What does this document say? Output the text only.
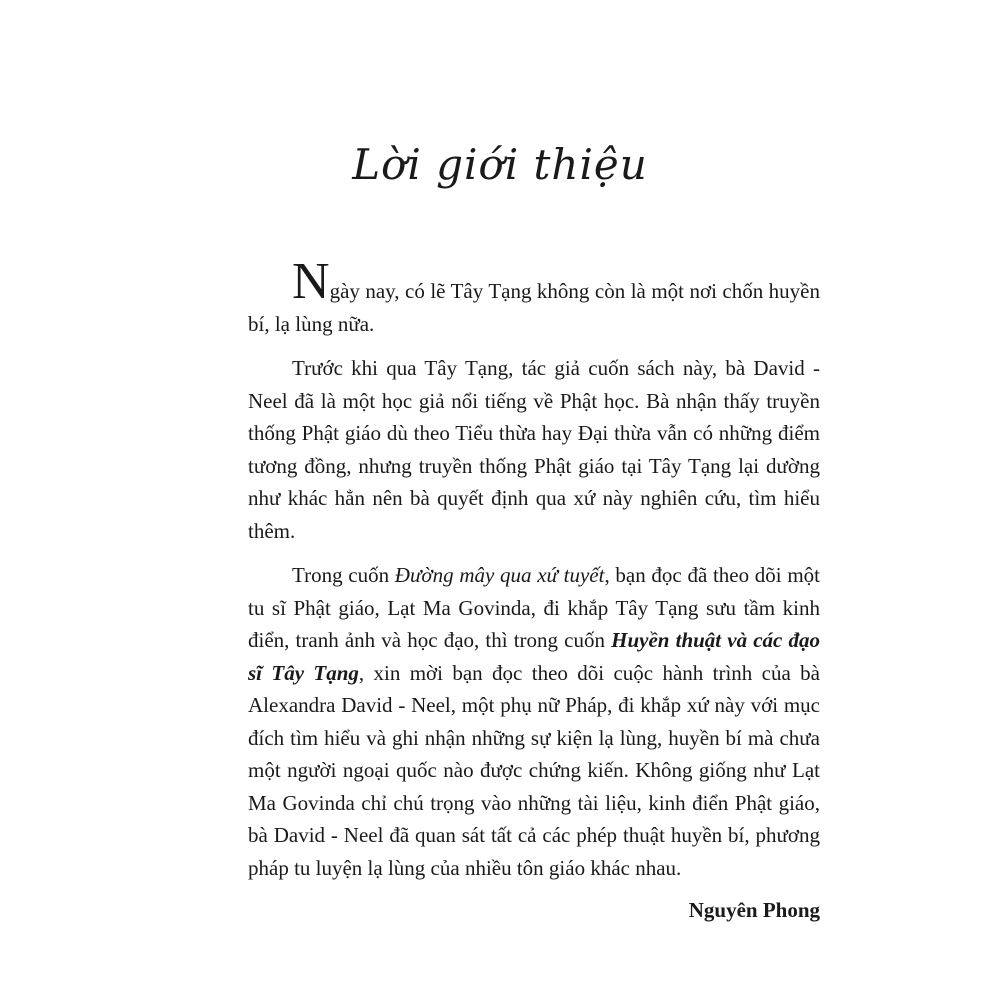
Lời giới thiệu

Ngày nay, có lẽ Tây Tạng không còn là một nơi chốn huyền bí, lạ lùng nữa.

Trước khi qua Tây Tạng, tác giả cuốn sách này, bà David - Neel đã là một học giả nổi tiếng về Phật học. Bà nhận thấy truyền thống Phật giáo dù theo Tiểu thừa hay Đại thừa vẫn có những điểm tương đồng, nhưng truyền thống Phật giáo tại Tây Tạng lại dường như khác hẳn nên bà quyết định qua xứ này nghiên cứu, tìm hiểu thêm.

Trong cuốn Đường mây qua xứ tuyết, bạn đọc đã theo dõi một tu sĩ Phật giáo, Lạt Ma Govinda, đi khắp Tây Tạng sưu tầm kinh điển, tranh ảnh và học đạo, thì trong cuốn Huyền thuật và các đạo sĩ Tây Tạng, xin mời bạn đọc theo dõi cuộc hành trình của bà Alexandra David - Neel, một phụ nữ Pháp, đi khắp xứ này với mục đích tìm hiểu và ghi nhận những sự kiện lạ lùng, huyền bí mà chưa một người ngoại quốc nào được chứng kiến. Không giống như Lạt Ma Govinda chỉ chú trọng vào những tài liệu, kinh điển Phật giáo, bà David - Neel đã quan sát tất cả các phép thuật huyền bí, phương pháp tu luyện lạ lùng của nhiều tôn giáo khác nhau.

Nguyên Phong
